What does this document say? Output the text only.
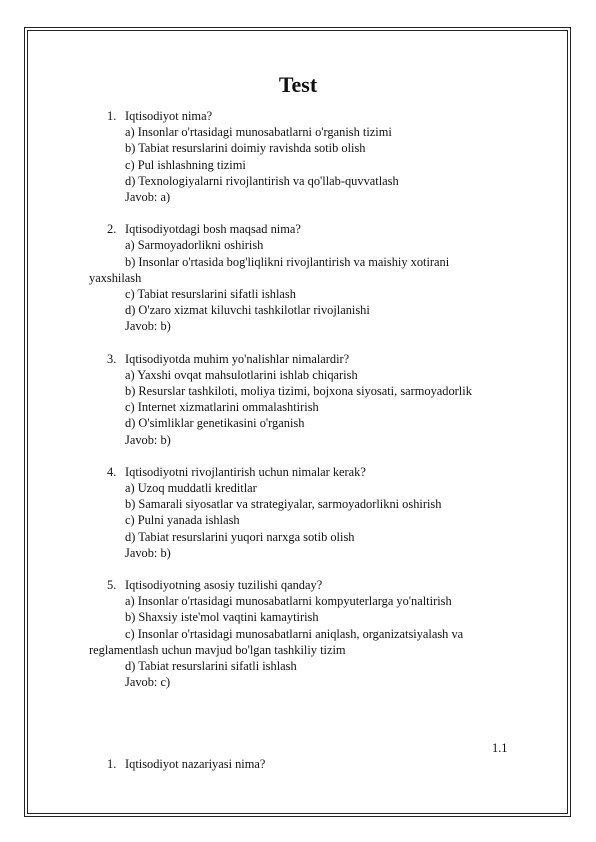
Test
1. Iqtisodiyot nima?
a) Insonlar o'rtasidagi munosabatlarni o'rganish tizimi
b) Tabiat resurslarini doimiy ravishda sotib olish
c) Pul ishlashning tizimi
d) Texnologiyalarni rivojlantirish va qo'llab-quvvatlash
Javob: a)
2. Iqtisodiyotdagi bosh maqsad nima?
a) Sarmoyadorlikni oshirish
b) Insonlar o'rtasida bog'liqlikni rivojlantirish va maishiy xotirani
yaxshilash
c) Tabiat resurslarini sifatli ishlash
d) O'zaro xizmat kiluvchi tashkilotlar rivojlanishi
Javob: b)
3. Iqtisodiyotda muhim yo'nalishlar nimalardir?
a) Yaxshi ovqat mahsulotlarini ishlab chiqarish
b) Resurslar tashkiloti, moliya tizimi, bojxona siyosati, sarmoyadorlik
c) Internet xizmatlarini ommalashtirish
d) O'simliklar genetikasini o'rganish
Javob: b)
4. Iqtisodiyotni rivojlantirish uchun nimalar kerak?
a) Uzoq muddatli kreditlar
b) Samarali siyosatlar va strategiyalar, sarmoyadorlikni oshirish
c) Pulni yanada ishlash
d) Tabiat resurslarini yuqori narxga sotib olish
Javob: b)
5. Iqtisodiyotning asosiy tuzilishi qanday?
a) Insonlar o'rtasidagi munosabatlarni kompyuterlarga yo'naltirish
b) Shaxsiy iste'mol vaqtini kamaytirish
c) Insonlar o'rtasidagi munosabatlarni aniqlash, organizatsiyalash va
reglamentlash uchun mavjud bo'lgan tashkiliy tizim
d) Tabiat resurslarini sifatli ishlash
Javob: c)
1.1
1. Iqtisodiyot nazariyasi nima?
